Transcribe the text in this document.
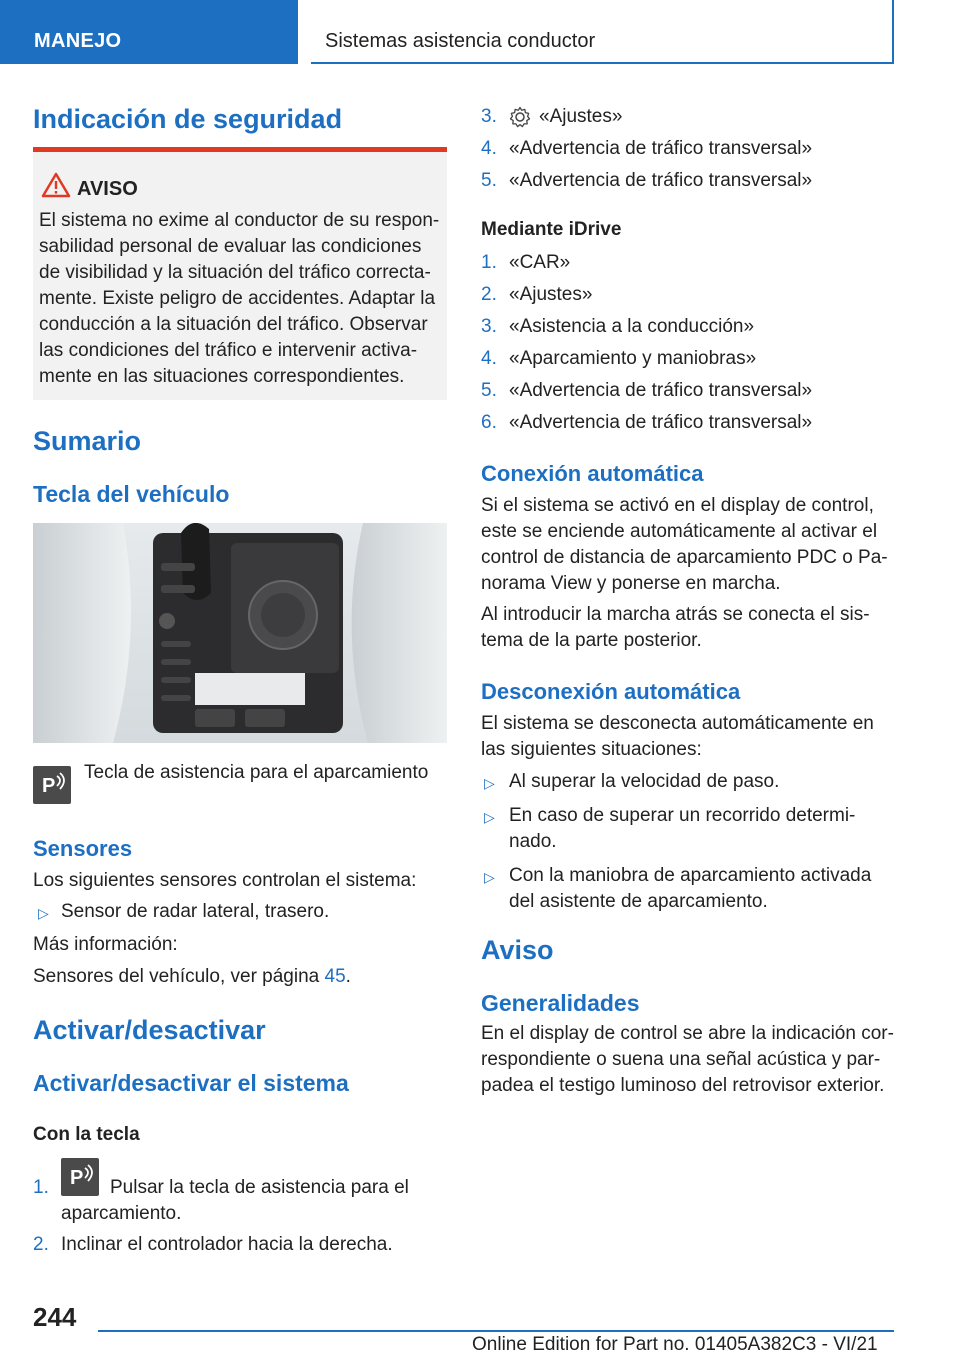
MANEJO	Sistemas asistencia conductor
Indicación de seguridad
AVISO
El sistema no exime al conductor de su respon-
sabilidad personal de evaluar las condiciones
de visibilidad y la situación del tráfico correcta-
mente. Existe peligro de accidentes. Adaptar la
conducción a la situación del tráfico. Observar
las condiciones del tráfico e intervenir activa-
mente en las situaciones correspondientes.
Sumario
Tecla del vehículo
P
Tecla de asistencia para el aparcamiento
Sensores
Los siguientes sensores controlan el sistema:
▷ Sensor de radar lateral, trasero.
Más información:
Sensores del vehículo, ver página 45.
Activar/desactivar
Activar/desactivar el sistema
Con la tecla
1. P Pulsar la tecla de asistencia para el
aparcamiento.
2. Inclinar el controlador hacia la derecha.
3. «Ajustes»
4. «Advertencia de tráfico transversal»
5. «Advertencia de tráfico transversal»
Mediante iDrive
1. «CAR»
2. «Ajustes»
3. «Asistencia a la conducción»
4. «Aparcamiento y maniobras»
5. «Advertencia de tráfico transversal»
6. «Advertencia de tráfico transversal»
Conexión automática
Si el sistema se activó en el display de control,
este se enciende automáticamente al activar el
control de distancia de aparcamiento PDC o Pa-
norama View y ponerse en marcha.
Al introducir la marcha atrás se conecta el sis-
tema de la parte posterior.
Desconexión automática
El sistema se desconecta automáticamente en
las siguientes situaciones:
▷ Al superar la velocidad de paso.
▷ En caso de superar un recorrido determi-
nado.
▷ Con la maniobra de aparcamiento activada
del asistente de aparcamiento.
Aviso
Generalidades
En el display de control se abre la indicación cor-
respondiente o suena una señal acústica y par-
padea el testigo luminoso del retrovisor exterior.
244
Online Edition for Part no. 01405A382C3 - VI/21
